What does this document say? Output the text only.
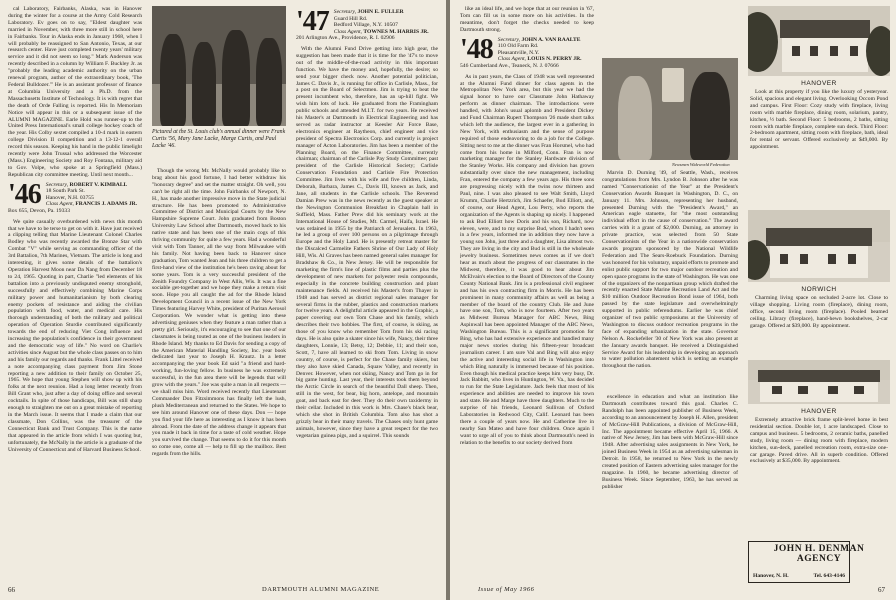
cal Laboratory, Fairbanks, Alaska, was in Hanover during the winter for a course at the Army Cold Research Laboratory. Ev goes on to say, "Eldest daughter was married in November, with three more still in school here in Fairbanks. Tour in Alaska ends in January 1968, when I will probably be reassigned to San Antonio, Texas, at our research center. Have just completed twenty years' military service and it did not seem so long." Mark Anderson was recently described in a column by William F. Buckley Jr. as "probably the leading academic authority on the urban renewal program, author of the extraordinary book, 'The Federal Bulldozer.'" He is an assistant professor of finance at Columbia University and a Ph.D. from the Massachusetts Institute of Technology. It is with regret that the death of Orde Falling is reported. His In Memoriam Notice will appear in this or a subsequent issue of the ALUMNI MAGAZINE. Earle Hold was runner-up to the United Press International's small college hockey coach of the year. His Colby sextet compiled a 10-4 mark in eastern college Division II competition and a 13-12-1 overall record this season. Keeping his hand in the public limelight recently were John Trussal who addressed the Worcester (Mass.) Engineering Society and Roy Fontana, military aid to Gov. Volpe, who spoke at a Springfield (Mass.) Republican city committee meeting. Until next month...

'46 Secretary, ROBERT V. KIMBALL
18 South Park St.
Hanover, N.H. 03755
Class Agent, FRANCIS J. ADAMS JR.
Box 655, Devon, Pa. 19333

We quite casually overburdened with news this month that we have to be terse to get on with it. Have just received a clipping telling that Marine Lieutenant Colonel Charles Bodley who was recently awarded the Bronze Star with Combat "V" while serving as commanding officer of the 3rd Battalion, 7th Marines, Vietnam. The article is long and interesting, it gives some details of the battalion's Operation Harvest Moon near Da Nang from December 18 to 24, 1965. Quoting in part, Charlie "led elements of his battalion into a previously undisputed enemy stronghold, successfully and effectively combining Marine Corps military power and humanitarianism by both clearing enemy pockets of resistance and aiding the civilian population with food, water, and medical care. His thorough understanding of both the military and political operation of Operation Sturdie contributed significantly towards the end of reducing Viet Cong influence and increasing the population's confidence in their government and the democratic way of life." No word on Charlie's activities since August but the whole class passes on to him and his family our regards and thanks. Frank Littel received a note accompanying class payment from Jim Stone reporting a new addition to their family on October 25, 1965. We hope that young Stephen will show up with his folks at the next reunion. Had a long letter recently from Bill Grant who, just after a day of doing office and several cocktails. In spite of those handicaps, Bill was still sharp enough to straighten me out on a great mistake of reporting in the March issue. It seems that I made a claim that our classmate, Don Collins, was the treasurer of the Connecticut Bank and Trust Company. This is the name that appeared in the article from which I was quoting but, unfortunately, the McNally in the article is a graduate of the University of Connecticut and of Harvard Business School.

Pictured at the St. Louis club's annual dinner were Frank Curtis '56, Mary Jane Lacke, Marge Curtis, and Paul Lacke '46.

Though the wrong Mr. McNally would probably like to brag about his good fortune, I had better withdraw his "honorary degree" and set the matter straight. Oh well, you can't be right all the time. John Fairbanks of Newport, N. H., has made another impressive move in the State judicial structure. He has been promoted to Administrative Committee of District and Municipal Courts by the New Hampshire Supreme Court. John graduated from Boston University Law School after Dartmouth, moved back to his native state and has been one of the main cogs of this thriving community for quite a few years. Had a wonderful visit with Tom Tanner, all the way from Milwaukee with his family. Not having been back to Hanover since graduation, Tom wanted Jean and his three children to get a first-hand view of the institution he's been raving about for some years. Tom is a very successful president of the Zenith Foundry Company in West Allis, Wis. It was a fine sociable get-together and we hope they make a return visit soon. Hope you all caught the ad for the Rhode Island Development Council in a recent issue of the New York Times featuring Harvey White, president of Puritan Aerosol Corporation. We wonder what is getting into these advertising geniuses when they feature a man rather than a pretty girl. Seriously, it's encouraging to see that one of our classmates is being touted as one of the business leaders in Rhode Island. My thanks to Ed Davis for sending a copy of the American Material Handling Society, Inc. year book dedicated last year to Joseph H. Krautz. In a letter accompanying the year book Ed said "a friend and hard-working, fun-loving fellow. In business he was extremely successful, in the fun area there will be legends that will grow with the years." Joe was quite a man in all respects — we shall miss him. Word received recently that Lieutenant Commander Don Fitzsimmons has finally left the lush, plush Mediterranean and returned to the States. We hope to see him around Hanover one of these days. Don — hope you find your life here as interesting as I know it has been abroad. From the date of the address change it appears that you made it back in time for a taste of cold weather. Hope you survived the change. That seems to do it for this month so come one, come all — help to fill up the mailbox. Best regards from the hills.

'47 Secretary, JOHN E. FULLER
Guard Hill Rd.
Bedford Village, N.Y. 10507
Class Agent, TOWNES M. HARRIS JR.
201 Arlington Ave., Providence, R. I. 02906

With the Alumni Fund Drive getting into high gear, the suggestion has been made that it is time for the '47's to move out of the middle-of-the-road activity in this important function. We have the money and, hopefully, the desire; so send your bigger check now. Another potential politician, James C. Davis Jr., is running for office in Carlisle, Mass., for a post on the Board of Selectmen. Jim is trying to beat the present incumbent who, therefore, has an up-hill fight. We wish him lots of luck. He graduated from the Framingham public schools and attended M.I.T. for two years. He received his Master's at Dartmouth in Electrical Engineering and has served as radar instructor at Keesler Air Force Base, electronics engineer at Raytheon, chief engineer and vice president of Spectra Electronics Corp. and currently is project manager of Acton Laboratories. Jim has been a member of the Planning Board, on the Finance Committee, currently chairman; chairman of the Carlisle Pay Study Committee; past president of the Carlisle Historical Society; Carlisle Conservation Foundation and Carlisle Fire Protection Committee. Jim lives with his wife and five children, Linda, Deborah, Barbara, James C., Davis III, known as Jack, and Jane, all students in the Carlisle schools. The Reverend Damian Prew was in the news recently as the guest speaker at the Newington Communion Breakfast in Chaplain hall in Suffield, Mass. Father Prew did his seminary work at the International House of Studies, Mt. Carmel, Haifa, Israel. He was ordained in 1955 by the Patriarch of Jerusalem. In 1963, he led a group of over 100 persons on a pilgrimage through Europe and the Holy Land. He is presently retreat master for the Discalced Carmelite Fathers Shrine of Our Lady of Holy Hill, Wis. Al Graves has been named general sales manager for Bradshaw & Co., in New Jersey. He will be responsible for marketing the firm's line of plastic films and parties plus the development of new markets for polyester resin compounds, especially in the concrete building construction and plant maintenance fields. Al received his Master's from Thayer in 1948 and has served as district regional sales manager for several firms in the rubber, plastics and construction markets for twelve years. A delightful article appeared in the Graphic, a paper covering our own Tom Chase and his family, which describes their two hobbies. The first, of course, is skiing, as those of you know who remember Tom from his ski racing days. He is also quite a skater since his wife, Nancy, their three daughters, Lonnie, 13; Betsy, 12; Debbie, 11; and their son, Scott, 7, have all learned to ski from Tom. Living in snow country, of course, is perfect for the Chase family skiers, but they also have skied Canada, Squaw Valley, and recently in Denver. However, when not skiing, Nancy and Tom go in for big game hunting. Last year, their interests took them beyond the Arctic Circle in search of the beautiful Dall sheep. Then, still in the west, for bear, big horn, antelope, and mountain goat, and back east for deer. They do their own taxidermy in their cellar. Included in this work is Mrs. Chase's black bear, which she shot in British Columbia. Tom also has shot a grizzly bear in their many travels. The Chases only hunt game animals, however, since they have a great respect for the two vegetarian guinea pigs, and a squirrel. This sounds

66	DARTMOUTH ALUMNI MAGAZINE

like an ideal life, and we hope that at our reunion in '67, Tom can fill us in some more on his activities. In the meantime, don't forget the checks needed to keep Dartmouth strong.

'48 Secretary, JOHN A. VAN RAALTE
110 Old Farm Rd.
Pleasantville, N.Y.
Class Agent, LOUIS N. PERRY JR.
546 Cumberland Ave., Teaneck, N. J. 07666

As in past years, the Class of 1948 was well represented at the Alumni Fund dinner for class agents in the Metropolitan New York area, but this year we had the signal honor to have our Classmate John Hathaway perform as dinner chairman. The introductions were handled, with John's usual aplomb and President Dickey and Fund Chairman Rupert Thompson '26 made short talks which left the audience, the largest ever in a gathering in New York, with enthusiasm and the sense of purpose required of those endeavoring to do a job for the College. Sitting next to me at the dinner was Fran Horsmel, who had come from his home in Milford, Conn. Fran is now marketing manager for the Stanley Hardware division of the Stanley Works. His company and division has grown substantially over since the new management, including Fran, entered the company a few years ago. His three sons are progressing nicely with the twins now thirteen and Paul, nine. I was also pleased to see Walt Smith, Lloyd Krumm, Charlie Hertzrich, Jim Schaefer, Bud Elliott, and, of course, our Head Agent, Lou Perry, who reports the organization of the Agents is shaping up nicely. I happened to ask Bud Elliott how Doris and his son, Richard, now eleven, were, and to my surprise Bud, whom I hadn't seen in a few years, informed me in addition they now have a young son John, just three and a daughter, Lisa almost two. They are living in the city and Bud is still in the wholesale jewelry business. Sometimes news comes as if we don't hear as much about the progress of our classmates in the Midwest, therefore, it was good to hear about Jim McElvain's election to the Board of Directors of the County County National Bank. Jim is a professional civil engineer and has his own contracting firm in Morris. He has been prominent in many community affairs as well as being a member of the board of the country Club. He and June have one son, Tom, who is now fourteen. After two years as Midwest Bureau Manager for ABC News, Bing Aspinwall has been appointed Manager of the ABC News, Washington Bureau. This is a significant promotion for Bing, who has had extensive experience and handled many major news stories during his fifteen-year broadcast journalism career. I am sure Val and Bing will also enjoy the active and interesting social life in Washington into which Bing naturally is immersed because of his position. Even though his medical practice keeps him very busy, Dr. Jack Babbitt, who lives in Huntington, W. Va., has decided to run for the State Legislature. Jack feels that most of his experience and abilities are needed to improve his town and state. He and Marge have three daughters. Much to the surprise of his friends, Leonard Sullivan of Oxford Laboratories in Redwood City, Calif. Leonard has been there a couple of years now. He and Catherine live in nearby San Mateo and have four children. Once again I want to urge all of you to think about Dartmouth's need in relation to the benefits to our society derived from

Newsmen Wideworld Federation

Marvin D. Durning '49, of Seattle, Wash., receives congratulations from Mrs. Lyndon B. Johnson after he was named "Conservationist of the Year" at the President's Conservation Awards Banquet in Washington, D. C., on January 11. Mrs. Johnson, representing her husband, presented Durning with the "President's Award," an American eagle statuette, for "the most outstanding individual effort in the cause of conservation." The award carries with it a grant of $2,000. Durning, an attorney in private practice, was selected from 50 State Conservationists of the Year in a nationwide conservation awards program sponsored by the National Wildlife Federation and The Sears-Roebuck Foundation. Durning was honored for his voluntary, unpaid efforts to promote and enlist public support for two major outdoor recreation and open space programs in the state of Washington. He was one of the organizers of the nonpartisan group which drafted the recently enacted State Marine Recreation Land Act and the $10 million Outdoor Recreation Bond issue of 1964, both passed by the state legislature and overwhelmingly supported in public referendums. Earlier he was chief organizer of two public symposiums at the University of Washington to discuss outdoor recreation programs in the face of expanding urbanization in the state. Governor Nelson A. Rockefeller '30 of New York was also present at the January awards banquet. He received a Distinguished Service Award for his leadership in developing an approach to water pollution abatement which is setting an example throughout the nation.

excellence in education and what an institution like Dartmouth contributes toward this goal. Charles C. Randolph has been appointed publisher of Business Week, according to an announcement by Joseph H. Allen, president of McGraw-Hill Publications, a division of McGraw-Hill, Inc. The appointment became effective April 15, 1966. A native of New Jersey, Jim has been with McGraw-Hill since 1948. After advertising sales assignments in New York, he joined Business Week in 1954 as an advertising salesman in Detroit. In 1958, he returned to New York in the newly created position of Eastern advertising sales manager for the magazine. In 1960, he became advertising director of Business Week. Since September, 1963, he has served as publisher

HANOVER

Look at this property if you like the luxury of yesteryear. Solid, spacious and elegant living. Overlooking Occom Pond and campus. First Floor: Cozy study with fireplace, living room with marble fireplace, dining room, solarium, pantry, kitchen, ½ bath. Second Floor: 5 bedrooms, 2 baths, sitting room with marble fireplace, complete sun deck. Third Floor: 2-bedroom apartment, sitting room with fireplace, bath, ideal for rental or servant. Offered exclusively at $49,000. By appointment.

NORWICH

Charming living space on secluded 2-acre lot. Close to village shopping. Living room (fireplace), dining room, office, second living room (fireplace). Pooled beamed ceiling. Library (fireplace), hand-hewn bookshelves, 2-car garage. Offered at $39,000. By appointment.

HANOVER

Extremely attractive brick frame split-level home in best residential section. Double lot, 1 acre landscaped. Close to campus and business. 5 bedrooms, 2 ceramic baths, panelled study, living room — dining room with fireplace, modern kitchen, sun-deck, panelled recreation room, extra-size one-car garage. Paved drive. All in superb condition. Offered exclusively at $35,000. By appointment.

JOHN H. DENMAN
AGENCY
Hanover, N. H.	Tel. 643-4146
Issue of May 1966	67
